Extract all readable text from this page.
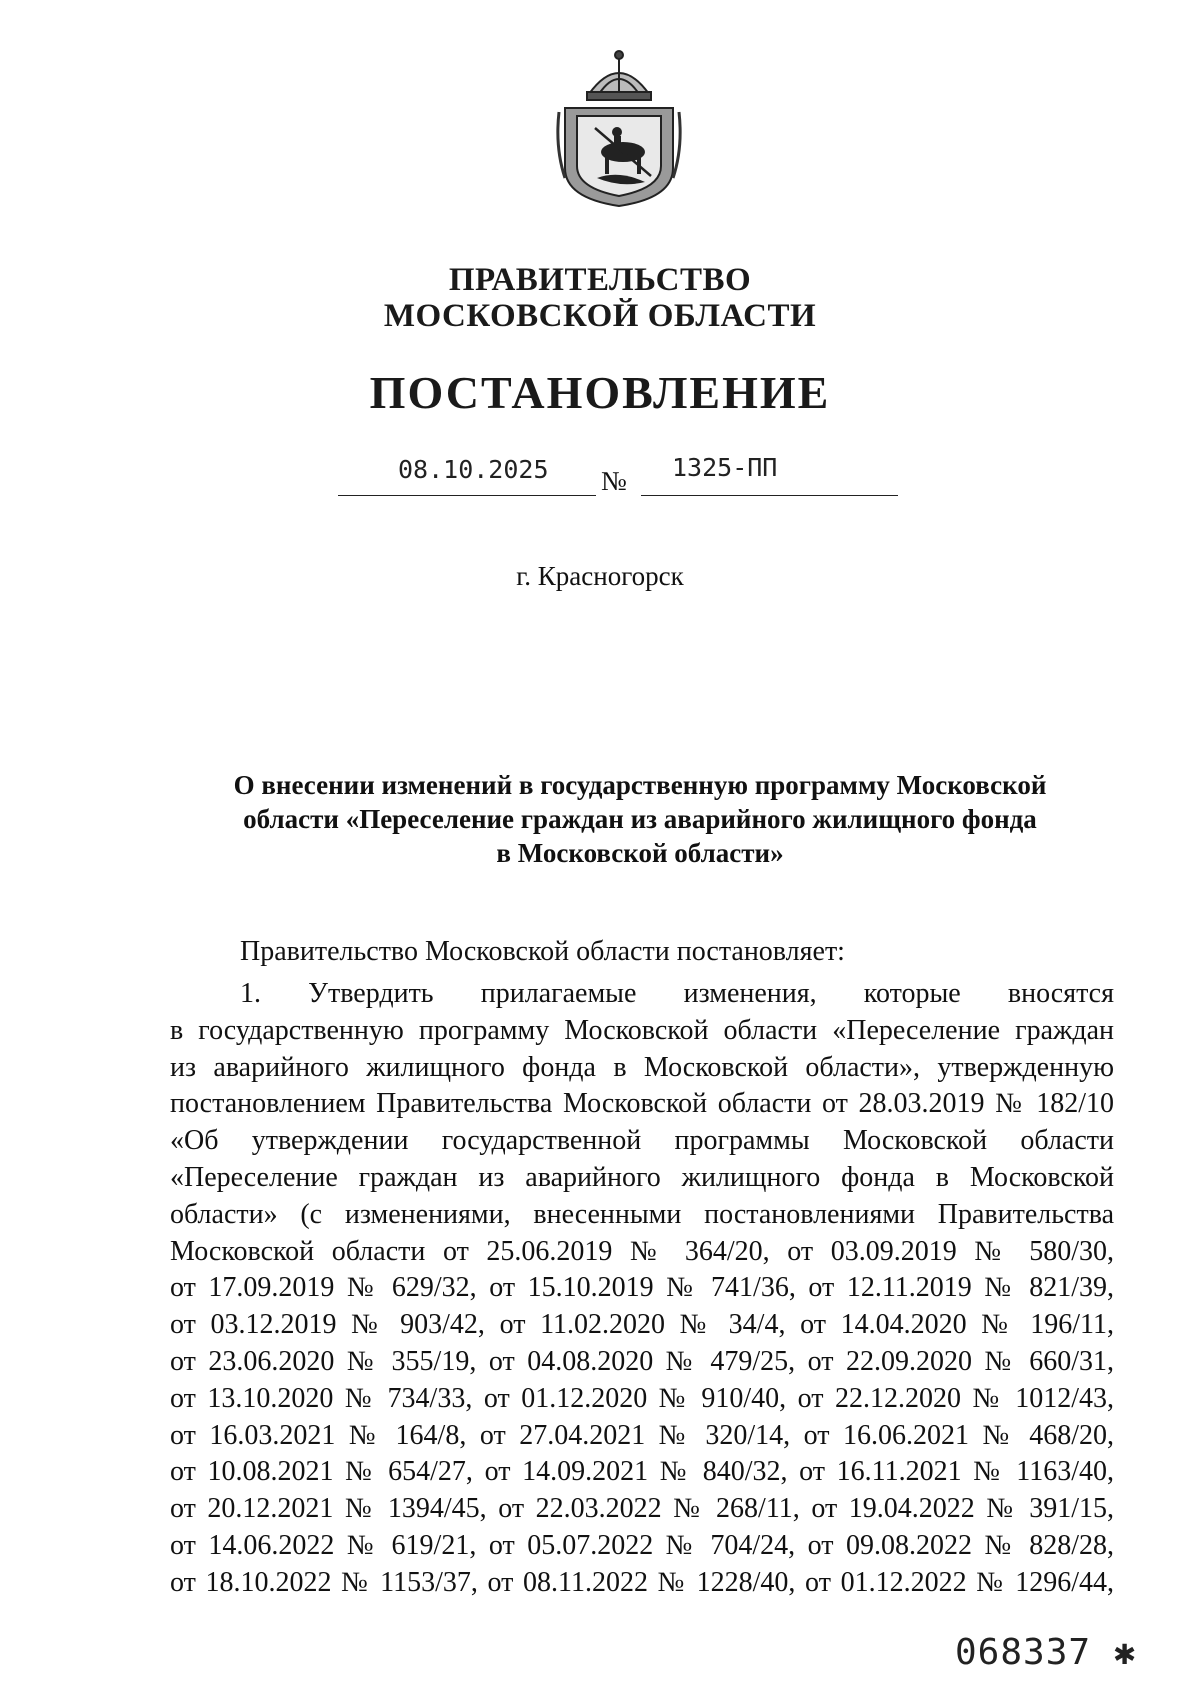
ПРАВИТЕЛЬСТВО
МОСКОВСКОЙ ОБЛАСТИ
ПОСТАНОВЛЕНИЕ
08.10.2025 № 1325-ПП
г. Красногорск
О внесении изменений в государственную программу Московской
области «Переселение граждан из аварийного жилищного фонда
в Московской области»
Правительство Московской области постановляет:
1. Утвердить прилагаемые изменения, которые вносятся
в государственную программу Московской области «Переселение граждан
из аварийного жилищного фонда в Московской области», утвержденную
постановлением Правительства Московской области от 28.03.2019 № 182/10
«Об утверждении государственной программы Московской области
«Переселение граждан из аварийного жилищного фонда в Московской
области» (с изменениями, внесенными постановлениями Правительства
Московской области от 25.06.2019 № 364/20, от 03.09.2019 № 580/30,
от 17.09.2019 № 629/32, от 15.10.2019 № 741/36, от 12.11.2019 № 821/39,
от 03.12.2019 № 903/42, от 11.02.2020 № 34/4, от 14.04.2020 № 196/11,
от 23.06.2020 № 355/19, от 04.08.2020 № 479/25, от 22.09.2020 № 660/31,
от 13.10.2020 № 734/33, от 01.12.2020 № 910/40, от 22.12.2020 № 1012/43,
от 16.03.2021 № 164/8, от 27.04.2021 № 320/14, от 16.06.2021 № 468/20,
от 10.08.2021 № 654/27, от 14.09.2021 № 840/32, от 16.11.2021 № 1163/40,
от 20.12.2021 № 1394/45, от 22.03.2022 № 268/11, от 19.04.2022 № 391/15,
от 14.06.2022 № 619/21, от 05.07.2022 № 704/24, от 09.08.2022 № 828/28,
от 18.10.2022 № 1153/37, от 08.11.2022 № 1228/40, от 01.12.2022 № 1296/44,
068337 ✱
